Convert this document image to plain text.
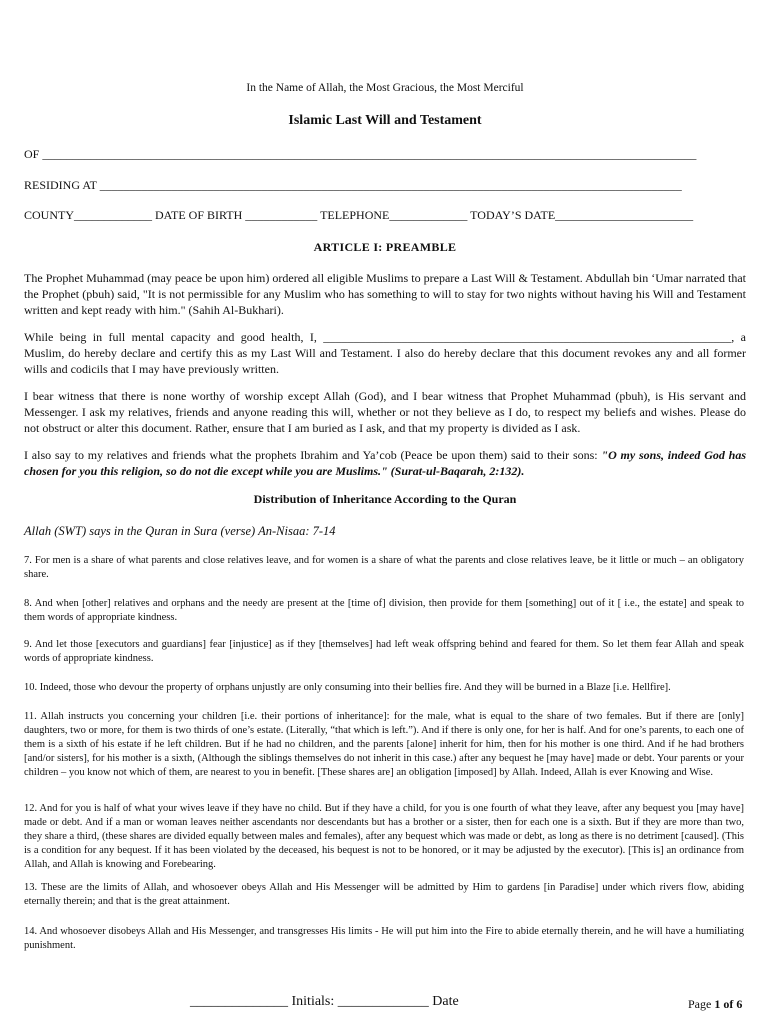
In the Name of Allah, the Most Gracious, the Most Merciful
Islamic Last Will and Testament
OF _____________________________________________________________________________________________________________
RESIDING AT _________________________________________________________________________________________________
COUNTY_____________ DATE OF BIRTH ____________ TELEPHONE_____________ TODAY’S DATE_______________________
ARTICLE I: PREAMBLE
The Prophet Muhammad (may peace be upon him) ordered all eligible Muslims to prepare a Last Will & Testament. Abdullah bin ‘Umar narrated that the Prophet (pbuh) said, "It is not permissible for any Muslim who has something to will to stay for two nights without having his Will and Testament written and kept ready with him." (Sahih Al-Bukhari).
While being in full mental capacity and good health, I, ____________________________________________________________________, a Muslim, do hereby declare and certify this as my Last Will and Testament. I also do hereby declare that this document revokes any and all former wills and codicils that I may have previously written.
I bear witness that there is none worthy of worship except Allah (God), and I bear witness that Prophet Muhammad (pbuh), is His servant and Messenger. I ask my relatives, friends and anyone reading this will, whether or not they believe as I do, to respect my beliefs and wishes. Please do not obstruct or alter this document. Rather, ensure that I am buried as I ask, and that my property is divided as I ask.
I also say to my relatives and friends what the prophets Ibrahim and Ya’cob (Peace be upon them) said to their sons: "O my sons, indeed God has chosen for you this religion, so do not die except while you are Muslims." (Surat-ul-Baqarah, 2:132).
Distribution of Inheritance According to the Quran
Allah (SWT) says in the Quran in Sura (verse) An-Nisaa: 7-14
7. For men is a share of what parents and close relatives leave, and for women is a share of what the parents and close relatives leave, be it little or much – an obligatory share.
8. And when [other] relatives and orphans and the needy are present at the [time of] division, then provide for them [something] out of it [ i.e., the estate] and speak to them words of appropriate kindness.
9. And let those [executors and guardians] fear [injustice] as if they [themselves] had left weak offspring behind and feared for them. So let them fear Allah and speak words of appropriate kindness.
10. Indeed, those who devour the property of orphans unjustly are only consuming into their bellies fire. And they will be burned in a Blaze [i.e. Hellfire].
11. Allah instructs you concerning your children [i.e. their portions of inheritance]: for the male, what is equal to the share of two females. But if there are [only] daughters, two or more, for them is two thirds of one’s estate. (Literally, “that which is left.”). And if there is only one, for her is half. And for one’s parents, to each one of them is a sixth of his estate if he left children. But if he had no children, and the parents [alone] inherit for him, then for his mother is one third. And if he had brothers [and/or sisters], for his mother is a sixth, (Although the siblings themselves do not inherit in this case.) after any bequest he [may have] made or debt. Your parents or your children – you know not which of them, are nearest to you in benefit. [These shares are] an obligation [imposed] by Allah. Indeed, Allah is ever Knowing and Wise.
12. And for you is half of what your wives leave if they have no child. But if they have a child, for you is one fourth of what they leave, after any bequest you [may have] made or debt. And if a man or woman leaves neither ascendants nor descendants but has a brother or a sister, then for each one is a sixth. But if they are more than two, they share a third, (these shares are divided equally between males and females), after any bequest which was made or debt, as long as there is no detriment [caused]. (This is a condition for any bequest. If it has been violated by the deceased, his bequest is not to be honored, or it may be adjusted by the executor). [This is] an ordinance from Allah, and Allah is knowing and Forebearing.
13. These are the limits of Allah, and whosoever obeys Allah and His Messenger will be admitted by Him to gardens [in Paradise] under which rivers flow, abiding eternally therein; and that is the great attainment.
14. And whosoever disobeys Allah and His Messenger, and transgresses His limits - He will put him into the Fire to abide eternally therein, and he will have a humiliating punishment.
______________ Initials: _____________ Date	Page 1 of 6
